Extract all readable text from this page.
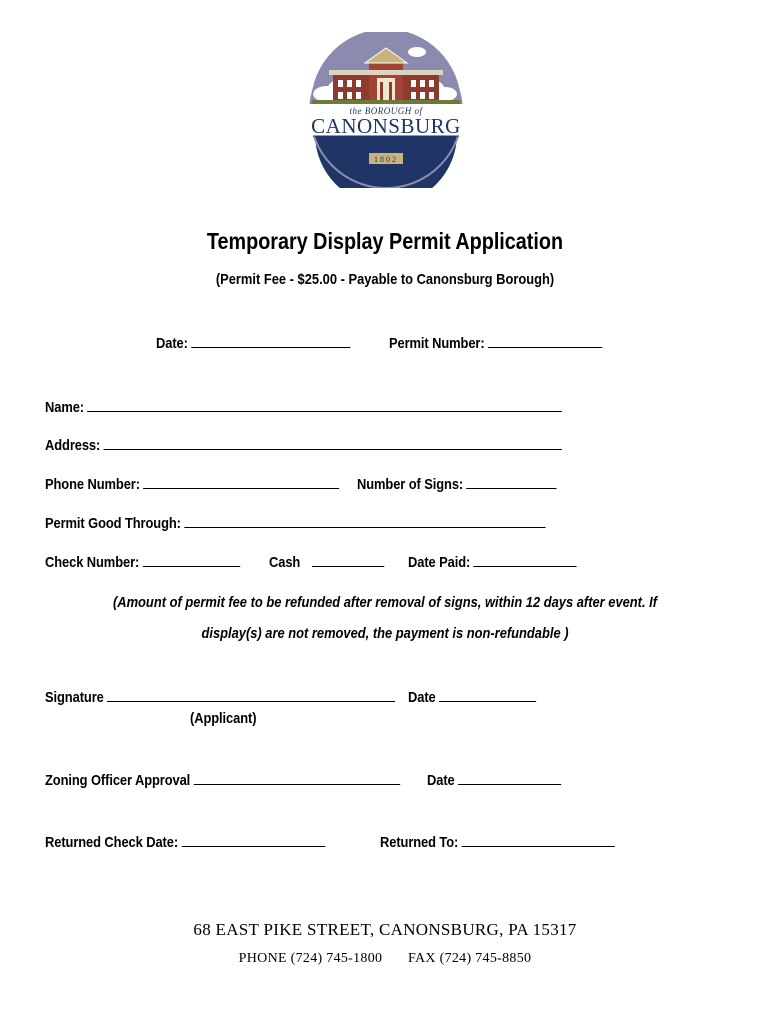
1802
the BOROUGH of
CANONSBURG
Temporary Display Permit Application
(Permit Fee - $25.00 - Payable to Canonsburg Borough)
Date:	Permit Number:
Name:
Address:
Phone Number:	Number of Signs:
Permit Good Through:
Check Number:	Cash	Date Paid:
(Amount of permit fee to be refunded after removal of signs, within 12 days after event. If
display(s) are not removed, the payment is non-refundable )
Signature	Date
(Applicant)
Zoning Officer Approval	Date
Returned Check Date:	Returned To:
68 EAST PIKE STREET, CANONSBURG, PA 15317
PHONE (724) 745-1800 FAX (724) 745-8850
